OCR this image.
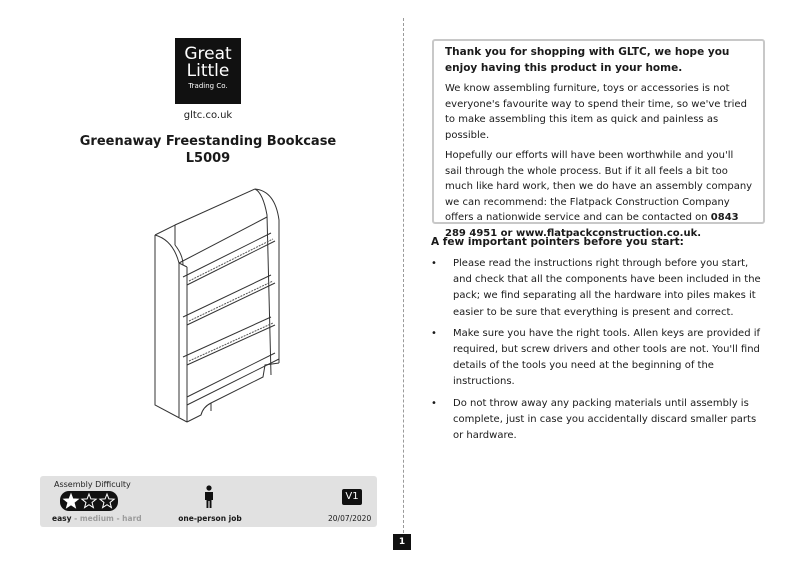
Great
Little
Trading Co.
gltc.co.uk
Greenaway Freestanding Bookcase
L5009
Assembly Difficulty
easy - medium - hard	one-person job
V1
20/07/2020
1

Thank you for shopping with GLTC, we hope you enjoy having this product in your home.

We know assembling furniture, toys or accessories is not everyone's favourite way to spend their time, so we've tried to make assembling this item as quick and painless as possible.

Hopefully our efforts will have been worthwhile and you'll sail through the whole process. But if it all feels a bit too much like hard work, then we do have an assembly company we can recommend: the Flatpack Construction Company offers a nationwide service and can be contacted on 0843 289 4951 or www.flatpackconstruction.co.uk.

A few important pointers before you start:
• Please read the instructions right through before you start, and check that all the components have been included in the pack; we find separating all the hardware into piles makes it easier to be sure that everything is present and correct.
• Make sure you have the right tools. Allen keys are provided if required, but screw drivers and other tools are not. You'll find details of the tools you need at the beginning of the instructions.
• Do not throw away any packing materials until assembly is complete, just in case you accidentally discard smaller parts or hardware.
